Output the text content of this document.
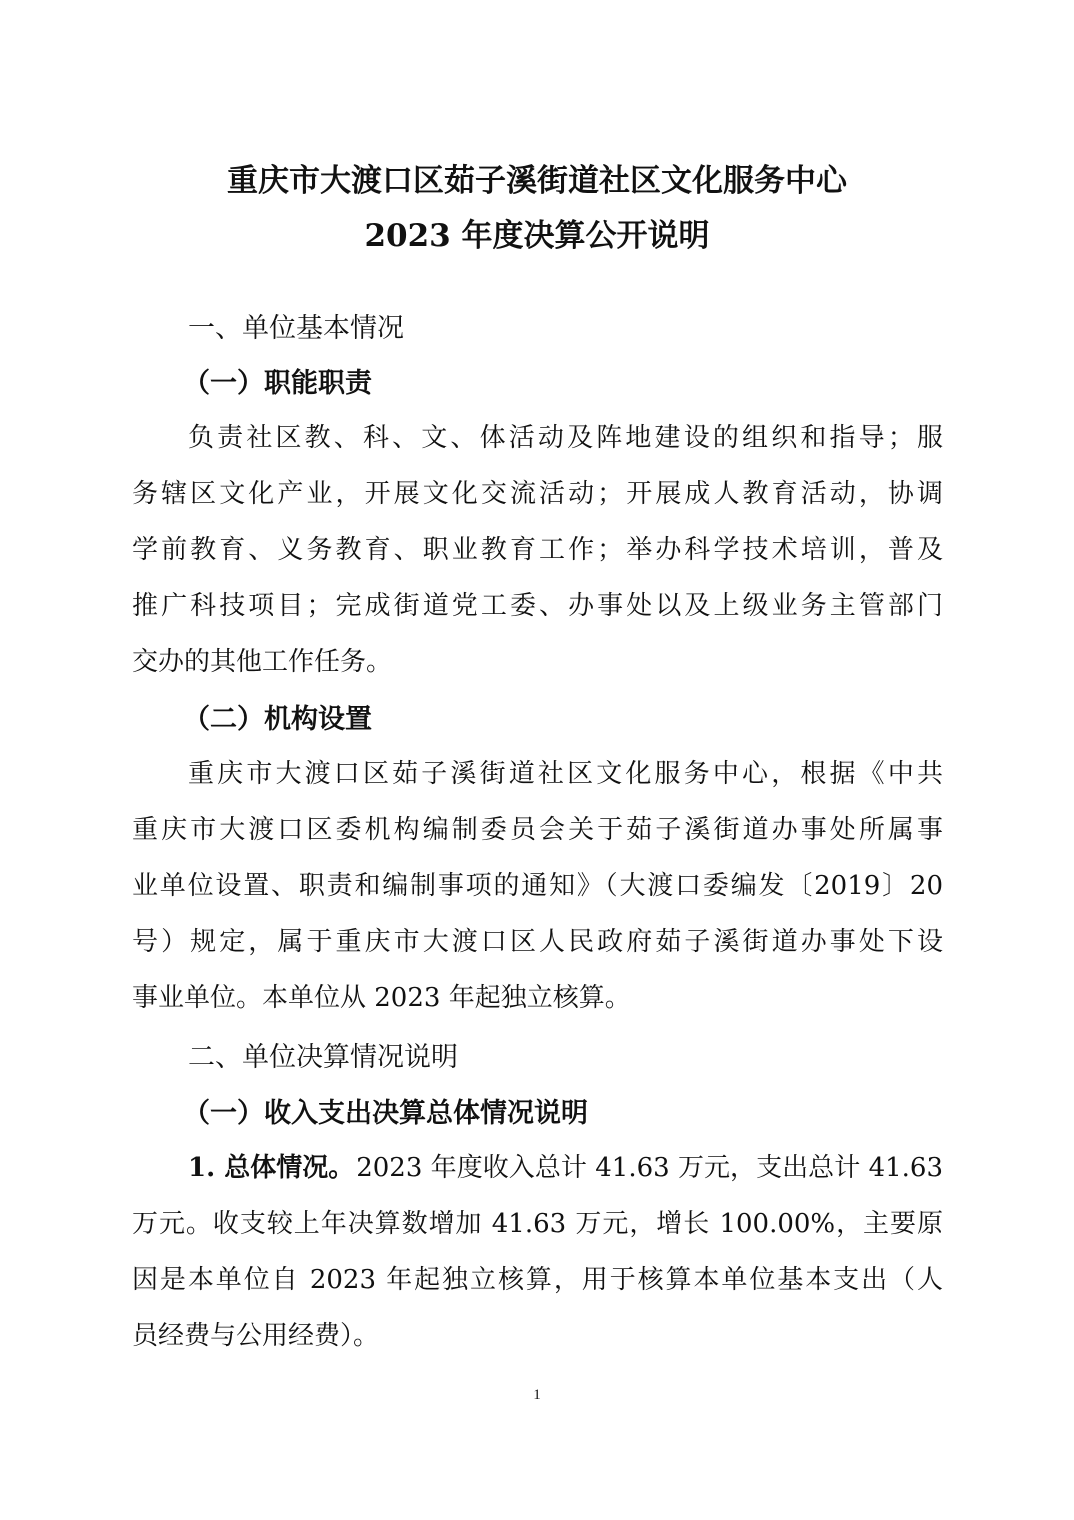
重庆市大渡口区茹子溪街道社区文化服务中心
2023 年度决算公开说明
一、单位基本情况
（一）职能职责
负责社区教、科、文、体活动及阵地建设的组织和指导；服
务辖区文化产业，开展文化交流活动；开展成人教育活动，协调
学前教育、义务教育、职业教育工作；举办科学技术培训，普及
推广科技项目；完成街道党工委、办事处以及上级业务主管部门
交办的其他工作任务。
（二）机构设置
重庆市大渡口区茹子溪街道社区文化服务中心，根据《中共
重庆市大渡口区委机构编制委员会关于茹子溪街道办事处所属事
业单位设置、职责和编制事项的通知》（大渡口委编发〔2019〕20
号）规定，属于重庆市大渡口区人民政府茹子溪街道办事处下设
事业单位。本单位从 2023 年起独立核算。
二、单位决算情况说明
（一）收入支出决算总体情况说明
1. 总体情况。 2023 年度收入总计 41.63 万元，支出总计 41.63
万元。收支较上年决算数增加 41.63 万元，增长 100.00%，主要原
因是本单位自 2023 年起独立核算，用于核算本单位基本支出（人
员经费与公用经费）。
1
